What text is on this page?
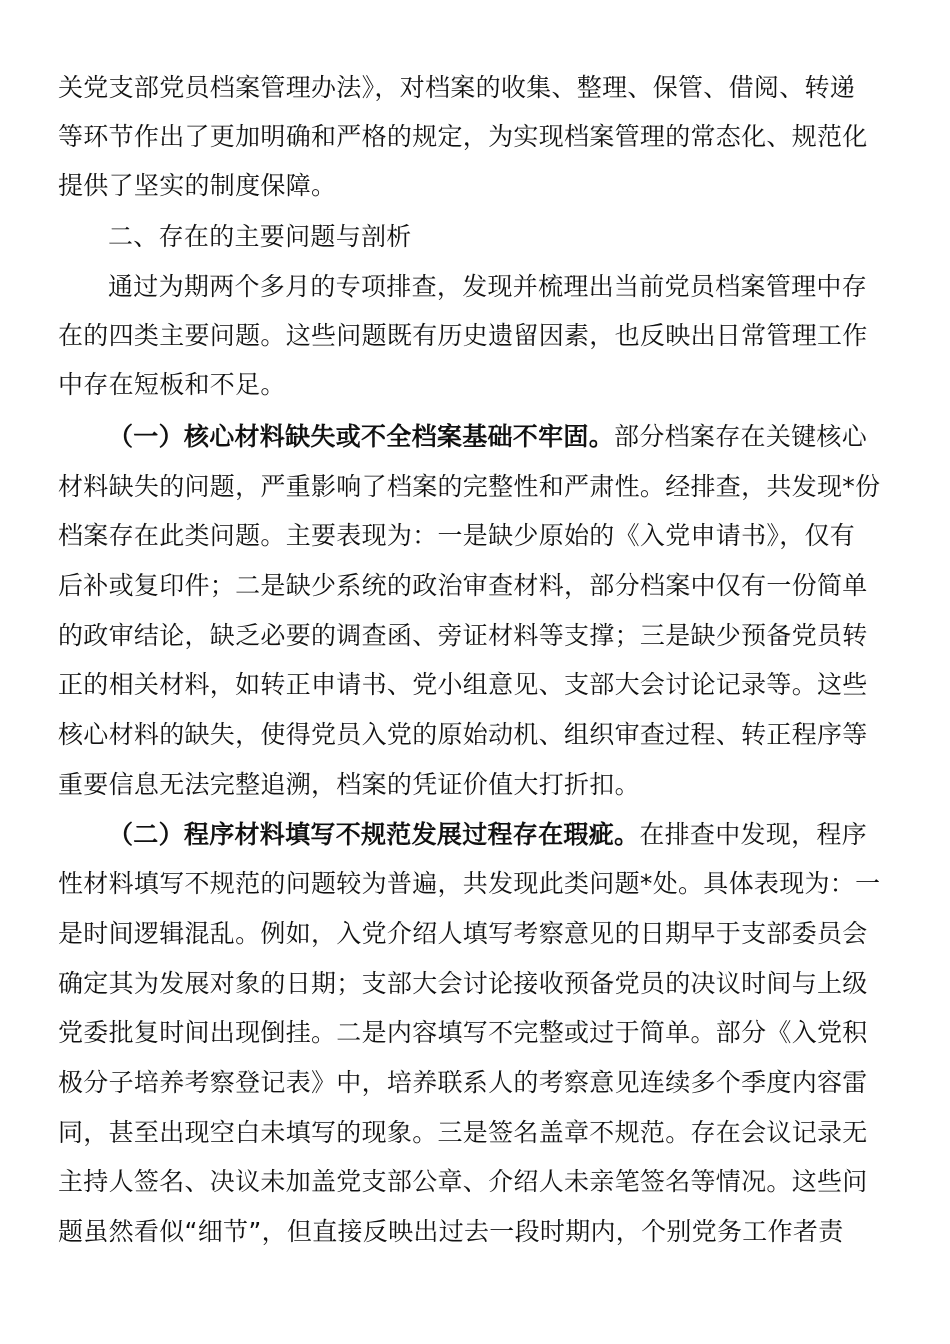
关党支部党员档案管理办法》，对档案的收集、整理、保管、借阅、转递
等环节作出了更加明确和严格的规定，为实现档案管理的常态化、规范化
提供了坚实的制度保障。
二、存在的主要问题与剖析
通过为期两个多月的专项排查，发现并梳理出当前党员档案管理中存
在的四类主要问题。这些问题既有历史遗留因素，也反映出日常管理工作
中存在短板和不足。
（一）核心材料缺失或不全档案基础不牢固。部分档案存在关键核心
材料缺失的问题，严重影响了档案的完整性和严肃性。经排查，共发现*份
档案存在此类问题。主要表现为：一是缺少原始的《入党申请书》，仅有
后补或复印件；二是缺少系统的政治审查材料，部分档案中仅有一份简单
的政审结论，缺乏必要的调查函、旁证材料等支撑；三是缺少预备党员转
正的相关材料，如转正申请书、党小组意见、支部大会讨论记录等。这些
核心材料的缺失，使得党员入党的原始动机、组织审查过程、转正程序等
重要信息无法完整追溯，档案的凭证价值大打折扣。
（二）程序材料填写不规范发展过程存在瑕疵。在排查中发现，程序
性材料填写不规范的问题较为普遍，共发现此类问题*处。具体表现为：一
是时间逻辑混乱。例如，入党介绍人填写考察意见的日期早于支部委员会
确定其为发展对象的日期；支部大会讨论接收预备党员的决议时间与上级
党委批复时间出现倒挂。二是内容填写不完整或过于简单。部分《入党积
极分子培养考察登记表》中，培养联系人的考察意见连续多个季度内容雷
同，甚至出现空白未填写的现象。三是签名盖章不规范。存在会议记录无
主持人签名、决议未加盖党支部公章、介绍人未亲笔签名等情况。这些问
题虽然看似“细节”，但直接反映出过去一段时期内，个别党务工作者责
